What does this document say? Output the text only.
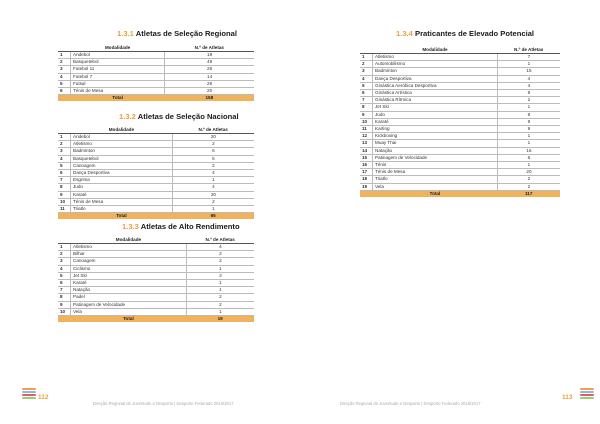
1.3.1 Atletas de Seleção Regional
	Modalidade	N.º de Atletas
1	Andebol	19
2	Basquetebol	49
3	Futebol 11	28
4	Futebol 7	14
5	Futsal	28
6	Ténis de Mesa	20
	Total	158
1.3.2 Atletas de Seleção Nacional
	Modalidade	N.º de Atletas
1	Andebol	20
2	Atletismo	2
3	Badminton	6
4	Basquetebol	5
5	Canoagem	2
6	Dança Desportiva	4
7	Esgrima	1
8	Judo	4
9	Karaté	20
10	Ténis de Mesa	2
11	Triatlo	1
	Total	65
1.3.3 Atletas de Alto Rendimento
	Modalidade	N.º de Atletas
1	Atletismo	4
2	Bilhar	2
3	Canoagem	2
4	Ciclismo	1
5	Jet Ski	3
6	Karaté	1
7	Natação	1
8	Padel	2
9	Patinagem de Velocidade	2
10	Vela	1
	Total	19
112
Direção Regional de Juventude e Desporto | Desporto Federado 2016/2017
1.3.4 Praticantes de Elevado Potencial
	Modalidade	N.º de Atletas
1	Atletismo	7
2	Automobilismo	1
3	Badminton	15
4	Dança Desportiva	4
5	Ginástica Aeróbica Desportiva	4
6	Ginástica Artística	8
7	Ginástica Rítmica	2
8	Jet Ski	1
9	Judo	8
10	Karaté	9
11	Karting	9
12	Kickboxing	1
13	Muay Thai	1
14	Natação	16
15	Patinagem de Velocidade	6
16	Ténis	1
17	Ténis de Mesa	20
18	Triatlo	2
19	Vela	2
	Total	117
Direção Regional de Juventude e Desporto | Desporto Federado 2016/2017
113
